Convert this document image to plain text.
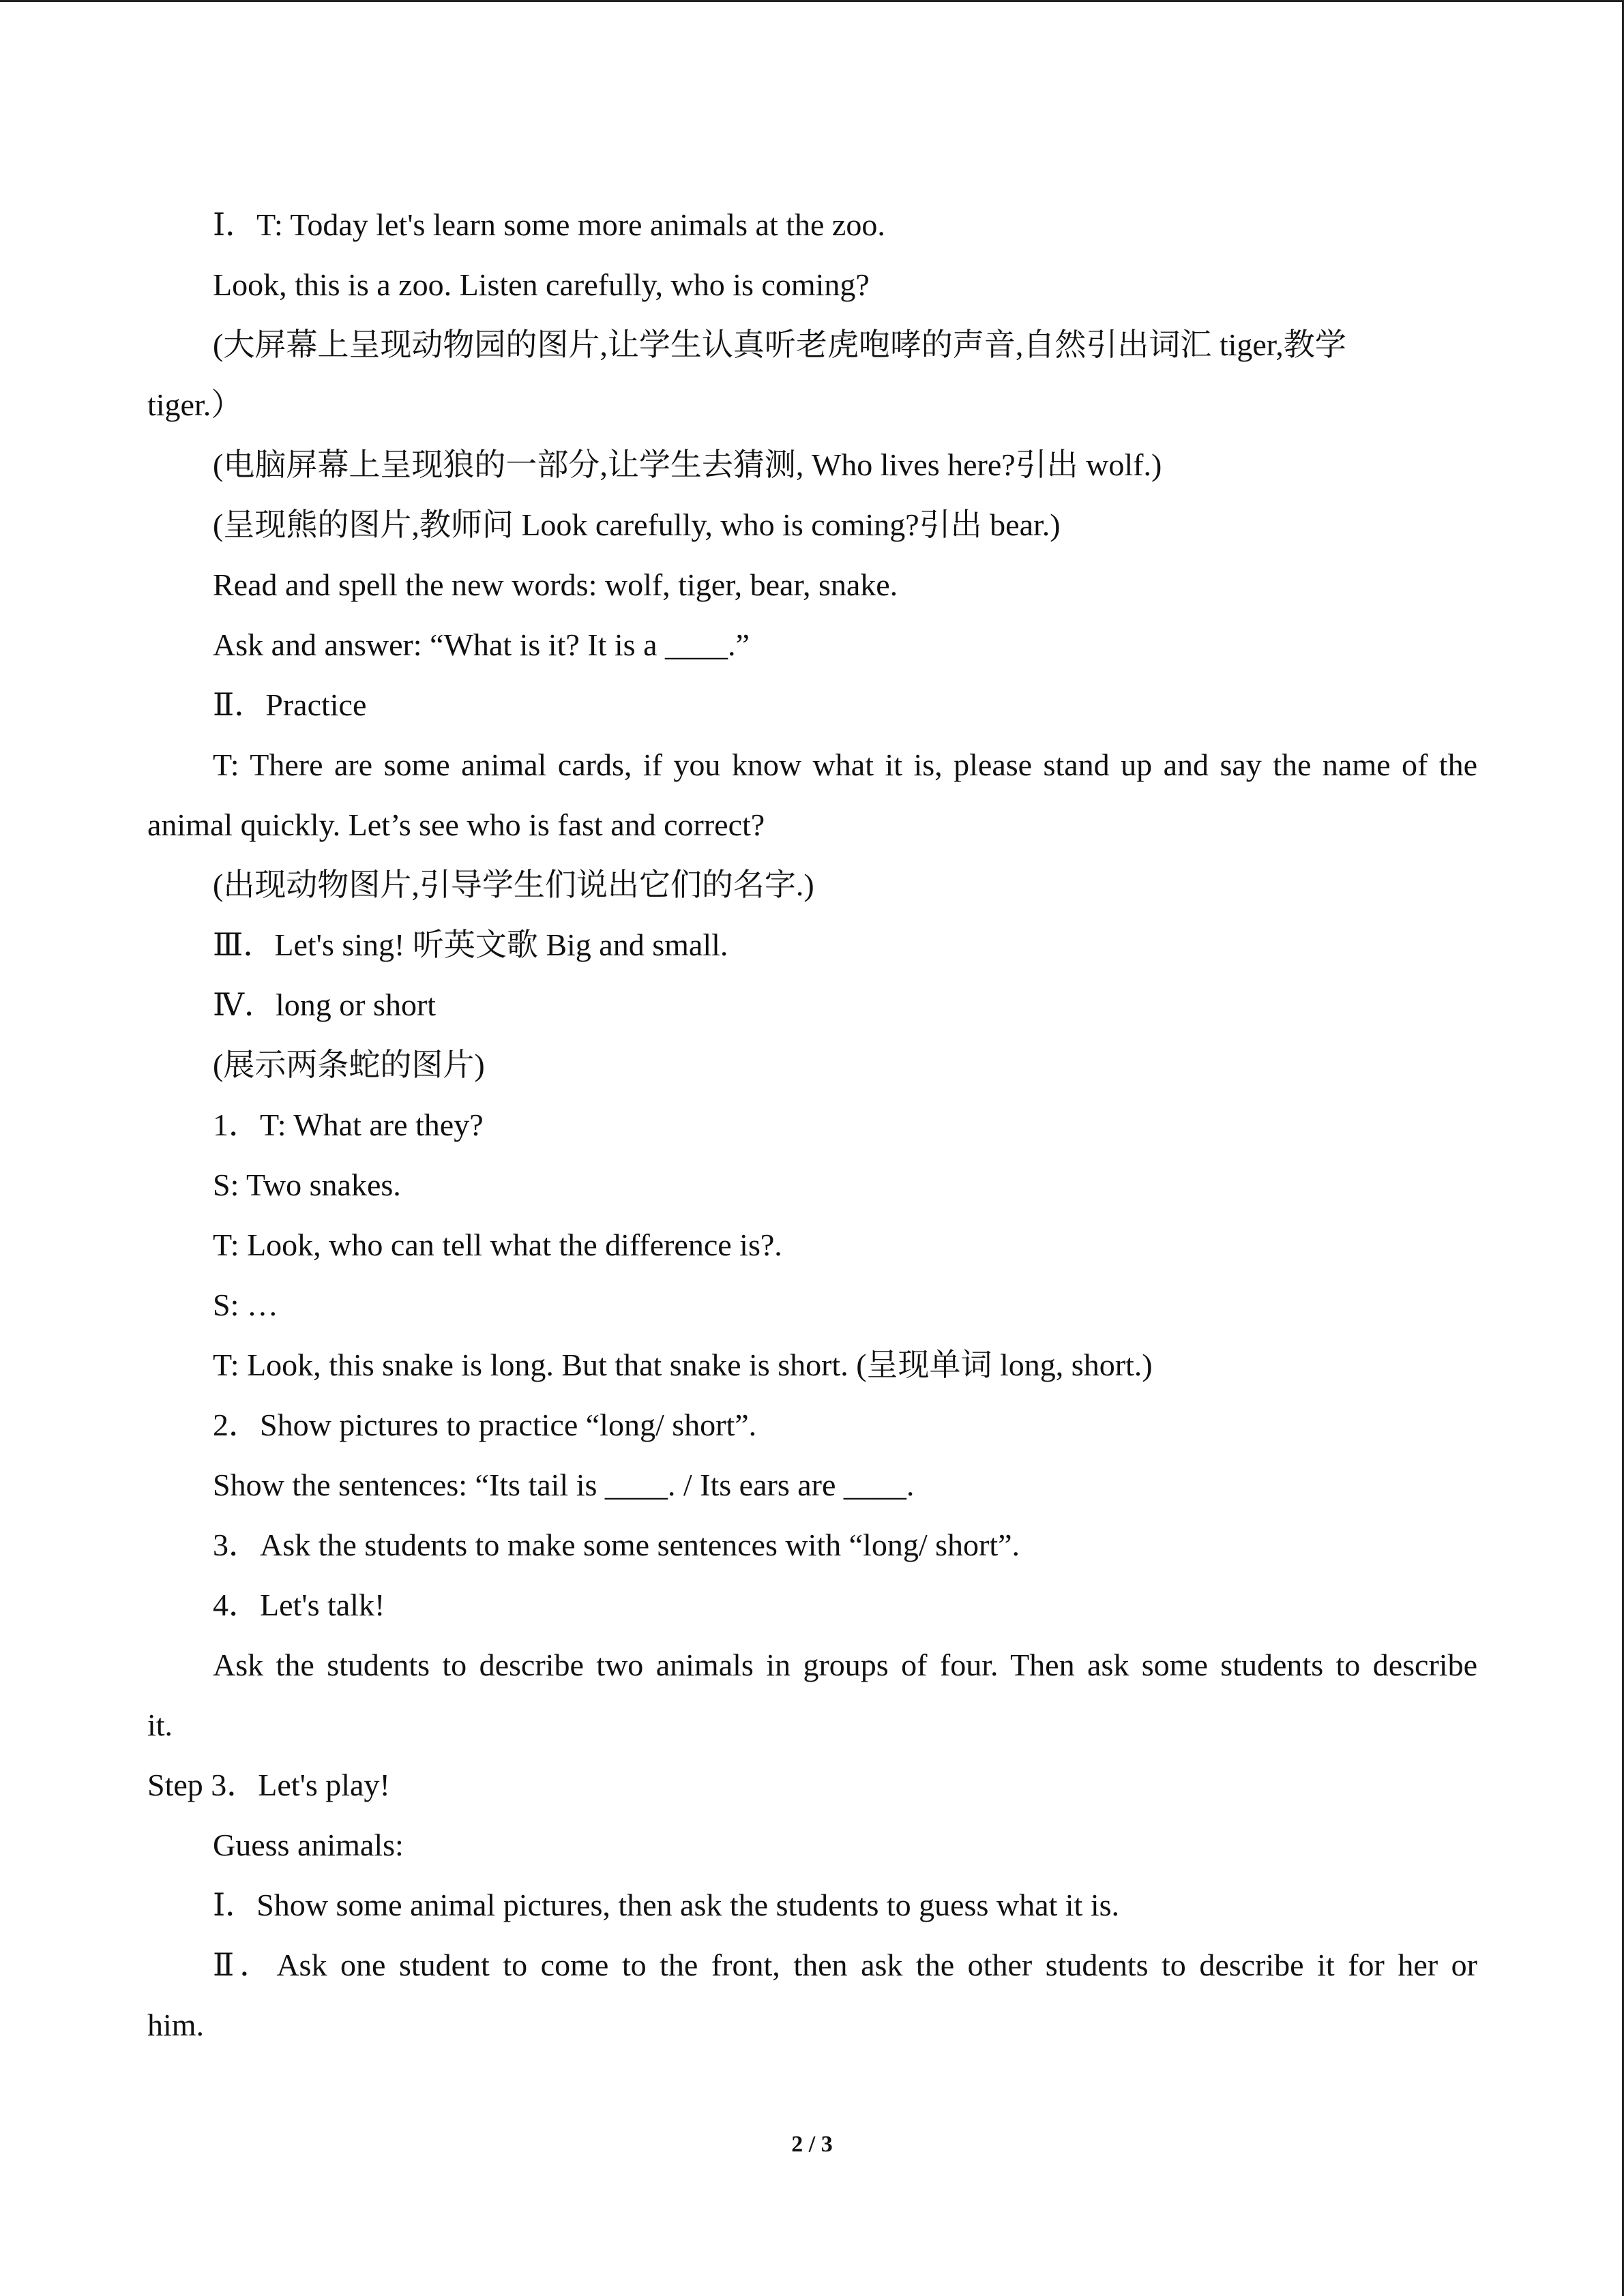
Ⅰ．T: Today let's learn some more animals at the zoo.
Look, this is a zoo. Listen carefully, who is coming?
(大屏幕上呈现动物园的图片,让学生认真听老虎咆哮的声音,自然引出词汇 tiger,教学
tiger.）
(电脑屏幕上呈现狼的一部分,让学生去猜测, Who lives here?引出 wolf.)
(呈现熊的图片,教师问 Look carefully, who is coming?引出 bear.)
Read and spell the new words: wolf, tiger, bear, snake.
Ask and answer: “What is it? It is a ____.”
Ⅱ．Practice
T: There are some animal cards, if you know what it is, please stand up and say the name of the
animal quickly. Let’s see who is fast and correct?
(出现动物图片,引导学生们说出它们的名字.)
Ⅲ．Let's sing! 听英文歌 Big and small.
Ⅳ．long or short
(展示两条蛇的图片)
1．T: What are they?
S: Two snakes.
T: Look, who can tell what the difference is?.
S: …
T: Look, this snake is long. But that snake is short. (呈现单词 long, short.)
2．Show pictures to practice “long/ short”.
Show the sentences: “Its tail is ____. / Its ears are ____.
3．Ask the students to make some sentences with “long/ short”.
4．Let's talk!
Ask the students to describe two animals in groups of four. Then ask some students to describe
it.
Step 3．Let's play!
Guess animals:
Ⅰ．Show some animal pictures, then ask the students to guess what it is.
Ⅱ．Ask one student to come to the front, then ask the other students to describe it for her or
him.
2 / 3
